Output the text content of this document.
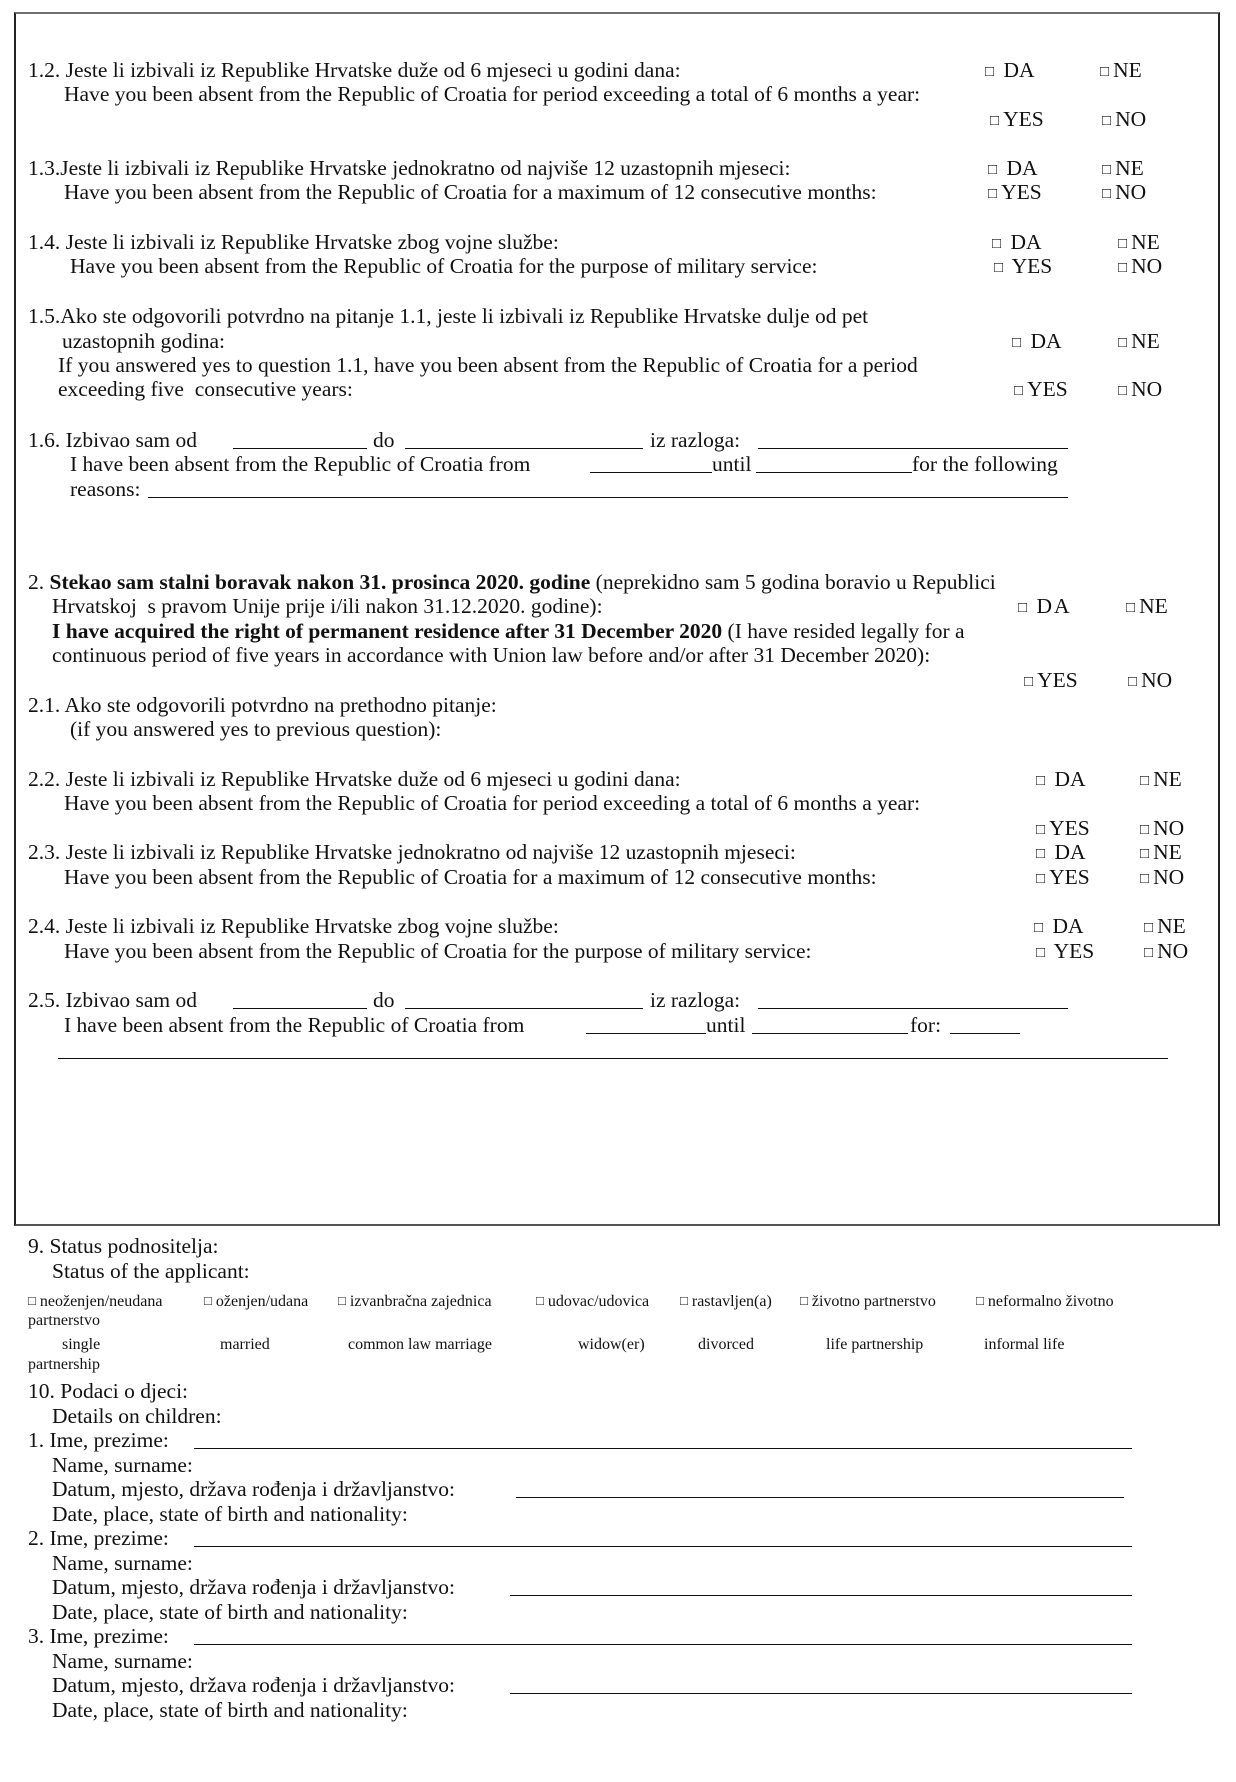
1.2. Jeste li izbivali iz Republike Hrvatske duže od 6 mjeseci u godini dana:	□ DA	□ NE
Have you been absent from the Republic of Croatia for period exceeding a total of 6 months a year:
□ YES	□ NO
1.3.Jeste li izbivali iz Republike Hrvatske jednokratno od najviše 12 uzastopnih mjeseci:	□ DA	□ NE
Have you been absent from the Republic of Croatia for a maximum of 12 consecutive months:	□ YES	□ NO
1.4. Jeste li izbivali iz Republike Hrvatske zbog vojne službe:	□ DA	□ NE
Have you been absent from the Republic of Croatia for the purpose of military service:	□ YES	□ NO
1.5.Ako ste odgovorili potvrdno na pitanje 1.1, jeste li izbivali iz Republike Hrvatske dulje od pet
uzastopnih godina:	□ DA	□ NE
If you answered yes to question 1.1, have you been absent from the Republic of Croatia for a period
exceeding five  consecutive years:	□ YES	□ NO
1.6. Izbivao sam od	do	iz razloga:
I have been absent from the Republic of Croatia from	until	for the following
reasons:
2. Stekao sam stalni boravak nakon 31. prosinca 2020. godine (neprekidno sam 5 godina boravio u Republici
Hrvatskoj  s pravom Unije prije i/ili nakon 31.12.2020. godine):	□ DA	□ NE
I have acquired the right of permanent residence after 31 December 2020 (I have resided legally for a
continuous period of five years in accordance with Union law before and/or after 31 December 2020):
□ YES	□ NO
2.1. Ako ste odgovorili potvrdno na prethodno pitanje:
(if you answered yes to previous question):
2.2. Jeste li izbivali iz Republike Hrvatske duže od 6 mjeseci u godini dana:	□ DA	□ NE
Have you been absent from the Republic of Croatia for period exceeding a total of 6 months a year:
□ YES	□ NO
2.3. Jeste li izbivali iz Republike Hrvatske jednokratno od najviše 12 uzastopnih mjeseci:	□ DA	□ NE
Have you been absent from the Republic of Croatia for a maximum of 12 consecutive months:	□ YES	□ NO
2.4. Jeste li izbivali iz Republike Hrvatske zbog vojne službe:	□ DA	□ NE
Have you been absent from the Republic of Croatia for the purpose of military service:	□ YES	□ NO
2.5. Izbivao sam od	do	iz razloga:
I have been absent from the Republic of Croatia from	until	for:
9. Status podnositelja:
Status of the applicant:
□ neoženjen/neudana	□ oženjen/udana □ izvanbračna zajednica	□ udovac/udovica □ rastavljen(a) □ životno partnerstvo	□ neformalno životno
partnerstvo
single	married	common law marriage	widow(er)	divorced	life partnership	informal life
partnership
10. Podaci o djeci:
Details on children:
1. Ime, prezime:
Name, surname:
Datum, mjesto, država rođenja i državljanstvo:
Date, place, state of birth and nationality:
2. Ime, prezime:
Name, surname:
Datum, mjesto, država rođenja i državljanstvo:
Date, place, state of birth and nationality:
3. Ime, prezime:
Name, surname:
Datum, mjesto, država rođenja i državljanstvo:
Date, place, state of birth and nationality:
